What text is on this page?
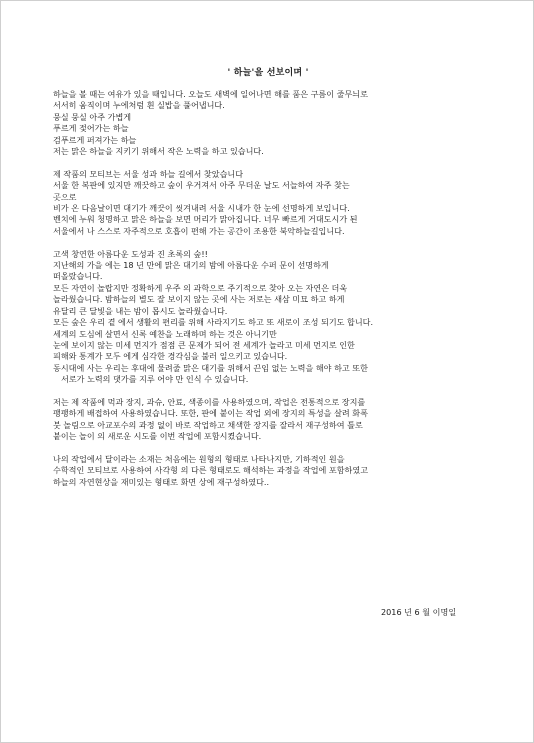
' 하늘'을 선보이며 '
하늘을 볼 때는 여유가 있을 때입니다. 오늘도 새벽에 일어나면 해를 품은 구름이 줄무늬로
서서히 움직이며 누에처럼 흰 실밥을 풀어냅니다.
뭉실 뭉실 아주 가볍게
푸르게 젖어가는 하늘
검푸르게 퍼져가는 하늘
저는 맑은 하늘을 지키기 위해서 작은 노력을 하고 있습니다.
제 작품의 모티브는 서울 성과 하늘 길에서 찾았습니다
서울 한 복판에 있지만 깨끗하고 숲이 우거져서 아주 무더운 날도 서늘하여 자주 찾는
곳으로
비가 온 다음날이면 대기가 깨끗이 씻겨내려 서울 시내가 한 눈에 선명하게 보입니다.
벤치에 누워 청명하고 맑은 하늘을 보면 머리가 맑아집니다. 너무 빠르게 거대도시가 된
서울에서 나 스스로 자주적으로 호흡이 편해 가는 공간이 조용한 북악하늘길입니다.
고색 창연한 아름다운 도성과 진 초록의 숲!!
지난해의 가을 에는 18 년 만에 맑은 대기의 밤에 아름다운 수퍼 문이 선명하게
떠올랐습니다.
모든 자연이 놀랍지만 정확하게 우주 의 과학으로 주기적으로 찾아 오는 자연은 더욱
놀라웠습니다. 밤하늘의 별도 잘 보이지 않는 곳에 사는 저로는 새삼 미묘 하고 하게
유달리 큰 달빛을 내는 밤이 몹시도 놀라웠습니다.
모든 숲은 우리 곁 에서 생활의 편리를 위해 사라지기도 하고 또 새로이 조성 되기도 합니다.
세계의 도심에 살면서 신록 예찬을 노래하며 하는 것은 아니기만
눈에 보이지 않는 미세 먼지가 점점 큰 문제가 되어 전 세계가 놀라고 미세 먼지로 인한
피해와 통계가 모두 에게 심각한 경각심을 불러 일으키고 있습니다.
동시대에 사는 우리는 후대에 물려줄 맑은 대기를 위해서 끈임 없는 노력을 해야 하고 또한
서로가 노력의 댓가를 지루 어야 만 인식 수 있습니다.
저는 제 작품에 먹과 장지, 과슈, 안료, 색종이를 사용하였으며, 작업은 전통적으로 장지를
팽팽하게 배접하여 사용하였습니다. 또한, 판에 붙이는 작업 외에 장지의 특성을 살려 화폭
붓 놀림으로 아교포수의 과정 없이 바로 작업하고 채색한 장지를 잘라서 재구성하여 틀로
붙이는 놀이 의 새로운 시도를 이번 작업에 포함시켰습니다.
나의 작업에서 달이라는 소재는 처음에는 원형의 형태로 나타나지만, 기하적인 원을
수학적인 모티브로 사용하여 사각형 의 다른 형태로도 해석하는 과정을 작업에 포함하였고
하늘의 자연현상을 재미있는 형태로 화면 상에 재구성하였다..
2016 년 6 월 이명일
